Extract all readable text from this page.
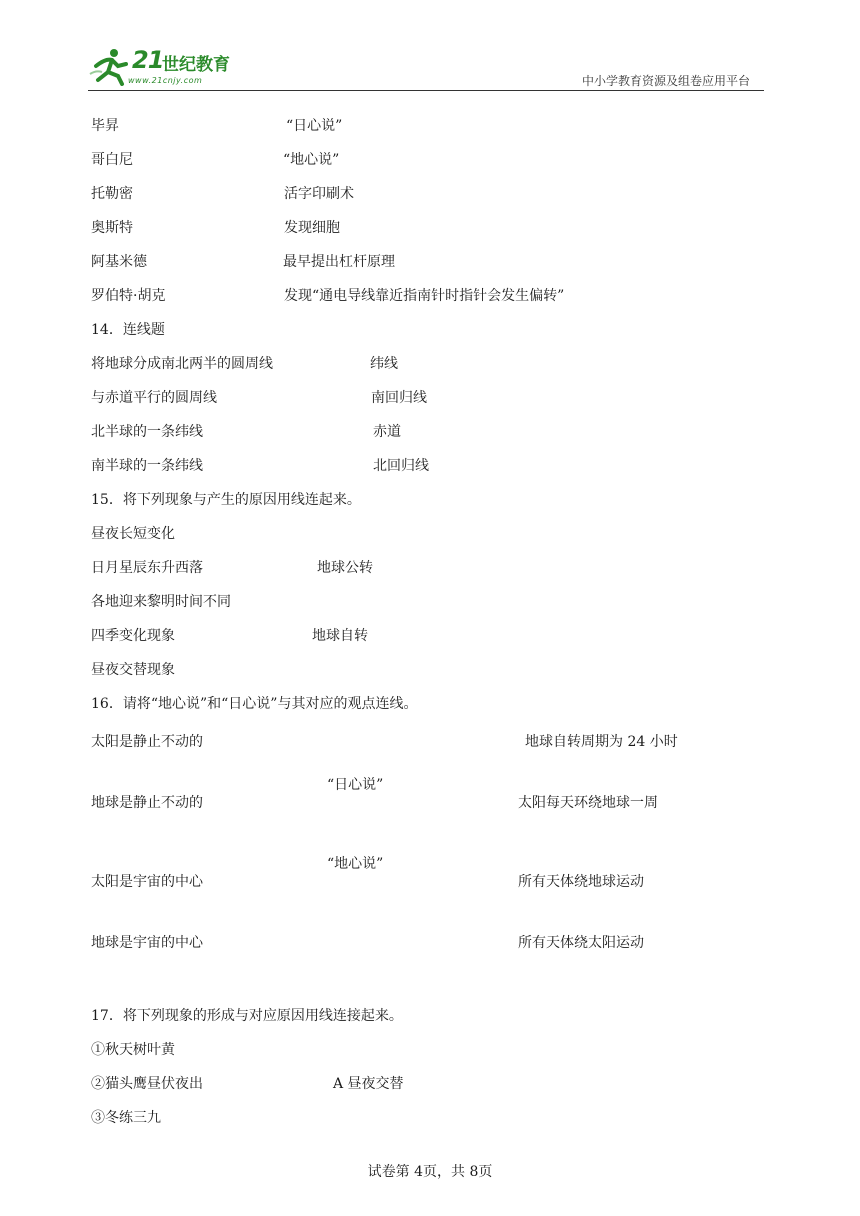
21
世纪教育
www.21cnjy.com	中小学教育资源及组卷应用平台
毕昇	“日心说”
哥白尼	“地心说”
托勒密	活字印刷术
奥斯特	发现细胞
阿基米德	最早提出杠杆原理
罗伯特·胡克	发现“通电导线靠近指南针时指针会发生偏转”
14．连线题
将地球分成南北两半的圆周线	纬线
与赤道平行的圆周线	南回归线
北半球的一条纬线	赤道
南半球的一条纬线	北回归线
15．将下列现象与产生的原因用线连起来。
昼夜长短变化
日月星辰东升西落	地球公转
各地迎来黎明时间不同
四季变化现象	地球自转
昼夜交替现象
16．请将“地心说”和“日心说”与其对应的观点连线。
太阳是静止不动的	地球自转周期为 24 小时
“日心说”
地球是静止不动的	太阳每天环绕地球一周
“地心说”
太阳是宇宙的中心	所有天体绕地球运动
地球是宇宙的中心	所有天体绕太阳运动
17．将下列现象的形成与对应原因用线连接起来。
①秋天树叶黄
②猫头鹰昼伏夜出	A 昼夜交替
③冬练三九
试卷第 4页，共 8页
